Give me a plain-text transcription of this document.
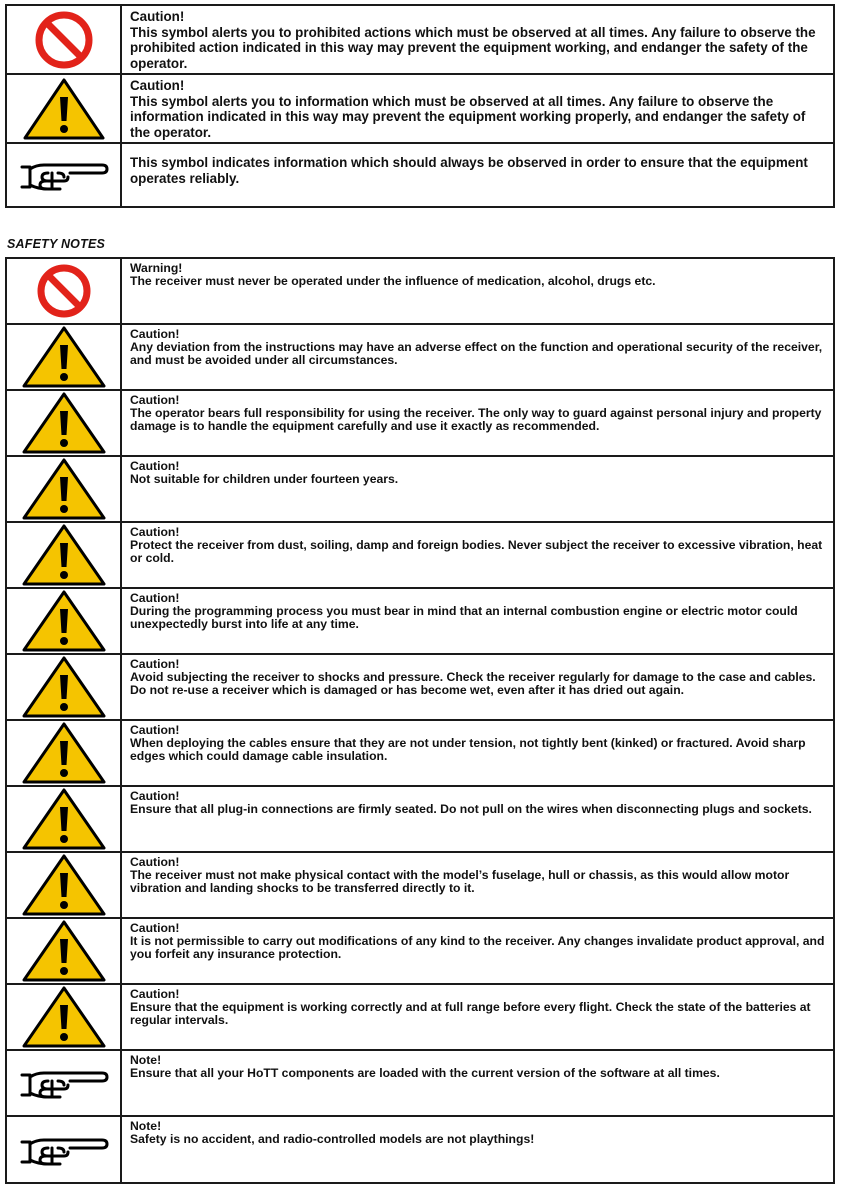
Caution!
This symbol alerts you to prohibited actions which must be observed at all times. Any failure to observe the prohibited action indicated in this way may prevent the equipment working, and endanger the safety of the operator.

Caution!
This symbol alerts you to information which must be observed at all times. Any failure to observe the information indicated in this way may prevent the equipment working properly, and endanger the safety of the operator.

This symbol indicates information which should always be observed in order to ensure that the equipment operates reliably.
SAFETY NOTES

Warning!
The receiver must never be operated under the influence of medication, alcohol, drugs etc.

Caution!
Any deviation from the instructions may have an adverse effect on the function and operational security of the receiver, and must be avoided under all circumstances.

Caution!
The operator bears full responsibility for using the receiver. The only way to guard against personal injury and property damage is to handle the equipment carefully and use it exactly as recommended.

Caution!
Not suitable for children under fourteen years.

Caution!
Protect the receiver from dust, soiling, damp and foreign bodies. Never subject the receiver to excessive vibration, heat or cold.

Caution!
During the programming process you must bear in mind that an internal combustion engine or electric motor could unexpectedly burst into life at any time.

Caution!
Avoid subjecting the receiver to shocks and pressure. Check the receiver regularly for damage to the case and cables. Do not re-use a receiver which is damaged or has become wet, even after it has dried out again.

Caution!
When deploying the cables ensure that they are not under tension, not tightly bent (kinked) or fractured. Avoid sharp edges which could damage cable insulation.

Caution!
Ensure that all plug-in connections are firmly seated. Do not pull on the wires when disconnecting plugs and sockets.

Caution!
The receiver must not make physical contact with the model’s fuselage, hull or chassis, as this would allow motor vibration and landing shocks to be transferred directly to it.

Caution!
It is not permissible to carry out modifications of any kind to the receiver. Any changes invalidate product approval, and you forfeit any insurance protection.

Caution!
Ensure that the equipment is working correctly and at full range before every flight. Check the state of the batteries at regular intervals.

Note!
Ensure that all your HoTT components are loaded with the current version of the software at all times.

Note!
Safety is no accident, and radio-controlled models are not playthings!
